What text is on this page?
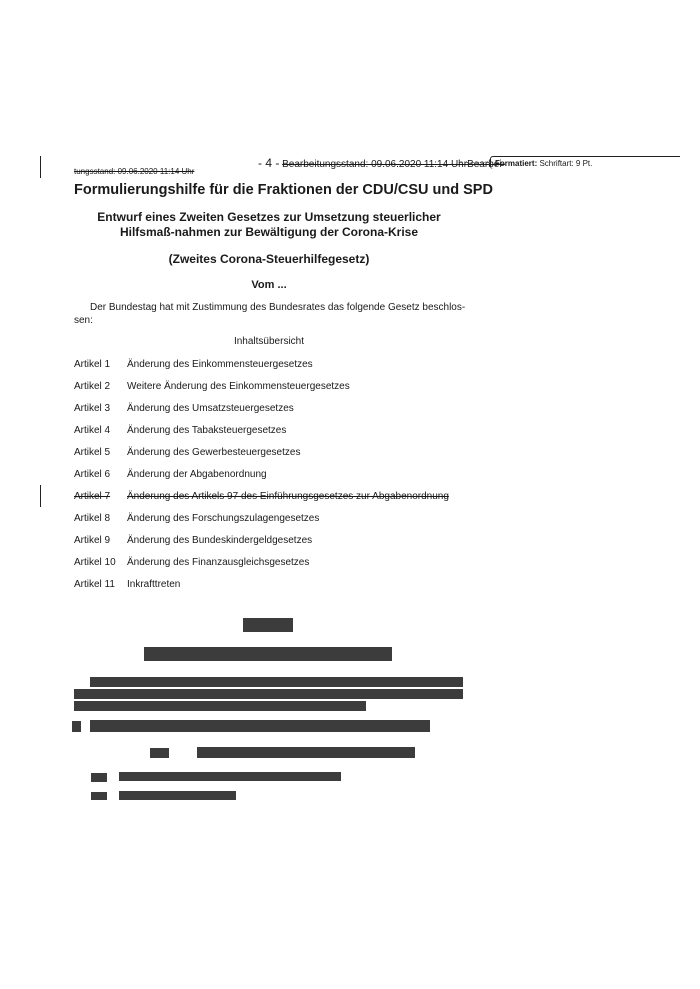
- 4 - Bearbeitungsstand: 09.06.2020 11:14 UhrBearbei-
tungsstand: 09.06.2020 11:14 Uhr
Formatiert: Schriftart: 9 Pt.
Formulierungshilfe für die Fraktionen der CDU/CSU und SPD
Entwurf eines Zweiten Gesetzes zur Umsetzung steuerlicher Hilfsmaß-nahmen zur Bewältigung der Corona-Krise
(Zweites Corona-Steuerhilfegesetz)
Vom ...
Der Bundestag hat mit Zustimmung des Bundesrates das folgende Gesetz beschlos-sen:
Inhaltsübersicht
Artikel 1	Änderung des Einkommensteuergesetzes
Artikel 2	Weitere Änderung des Einkommensteuergesetzes
Artikel 3	Änderung des Umsatzsteuergesetzes
Artikel 4	Änderung des Tabaksteuergesetzes
Artikel 5	Änderung des Gewerbesteuergesetzes
Artikel 6	Änderung der Abgabenordnung
Artikel 7	Änderung des Artikels 97 des Einführungsgesetzes zur Abgabenordnung
Artikel 8	Änderung des Forschungszulagengesetzes
Artikel 9	Änderung des Bundeskindergeldgesetzes
Artikel 10	Änderung des Finanzausgleichsgesetzes
Artikel 11	Inkrafttreten
